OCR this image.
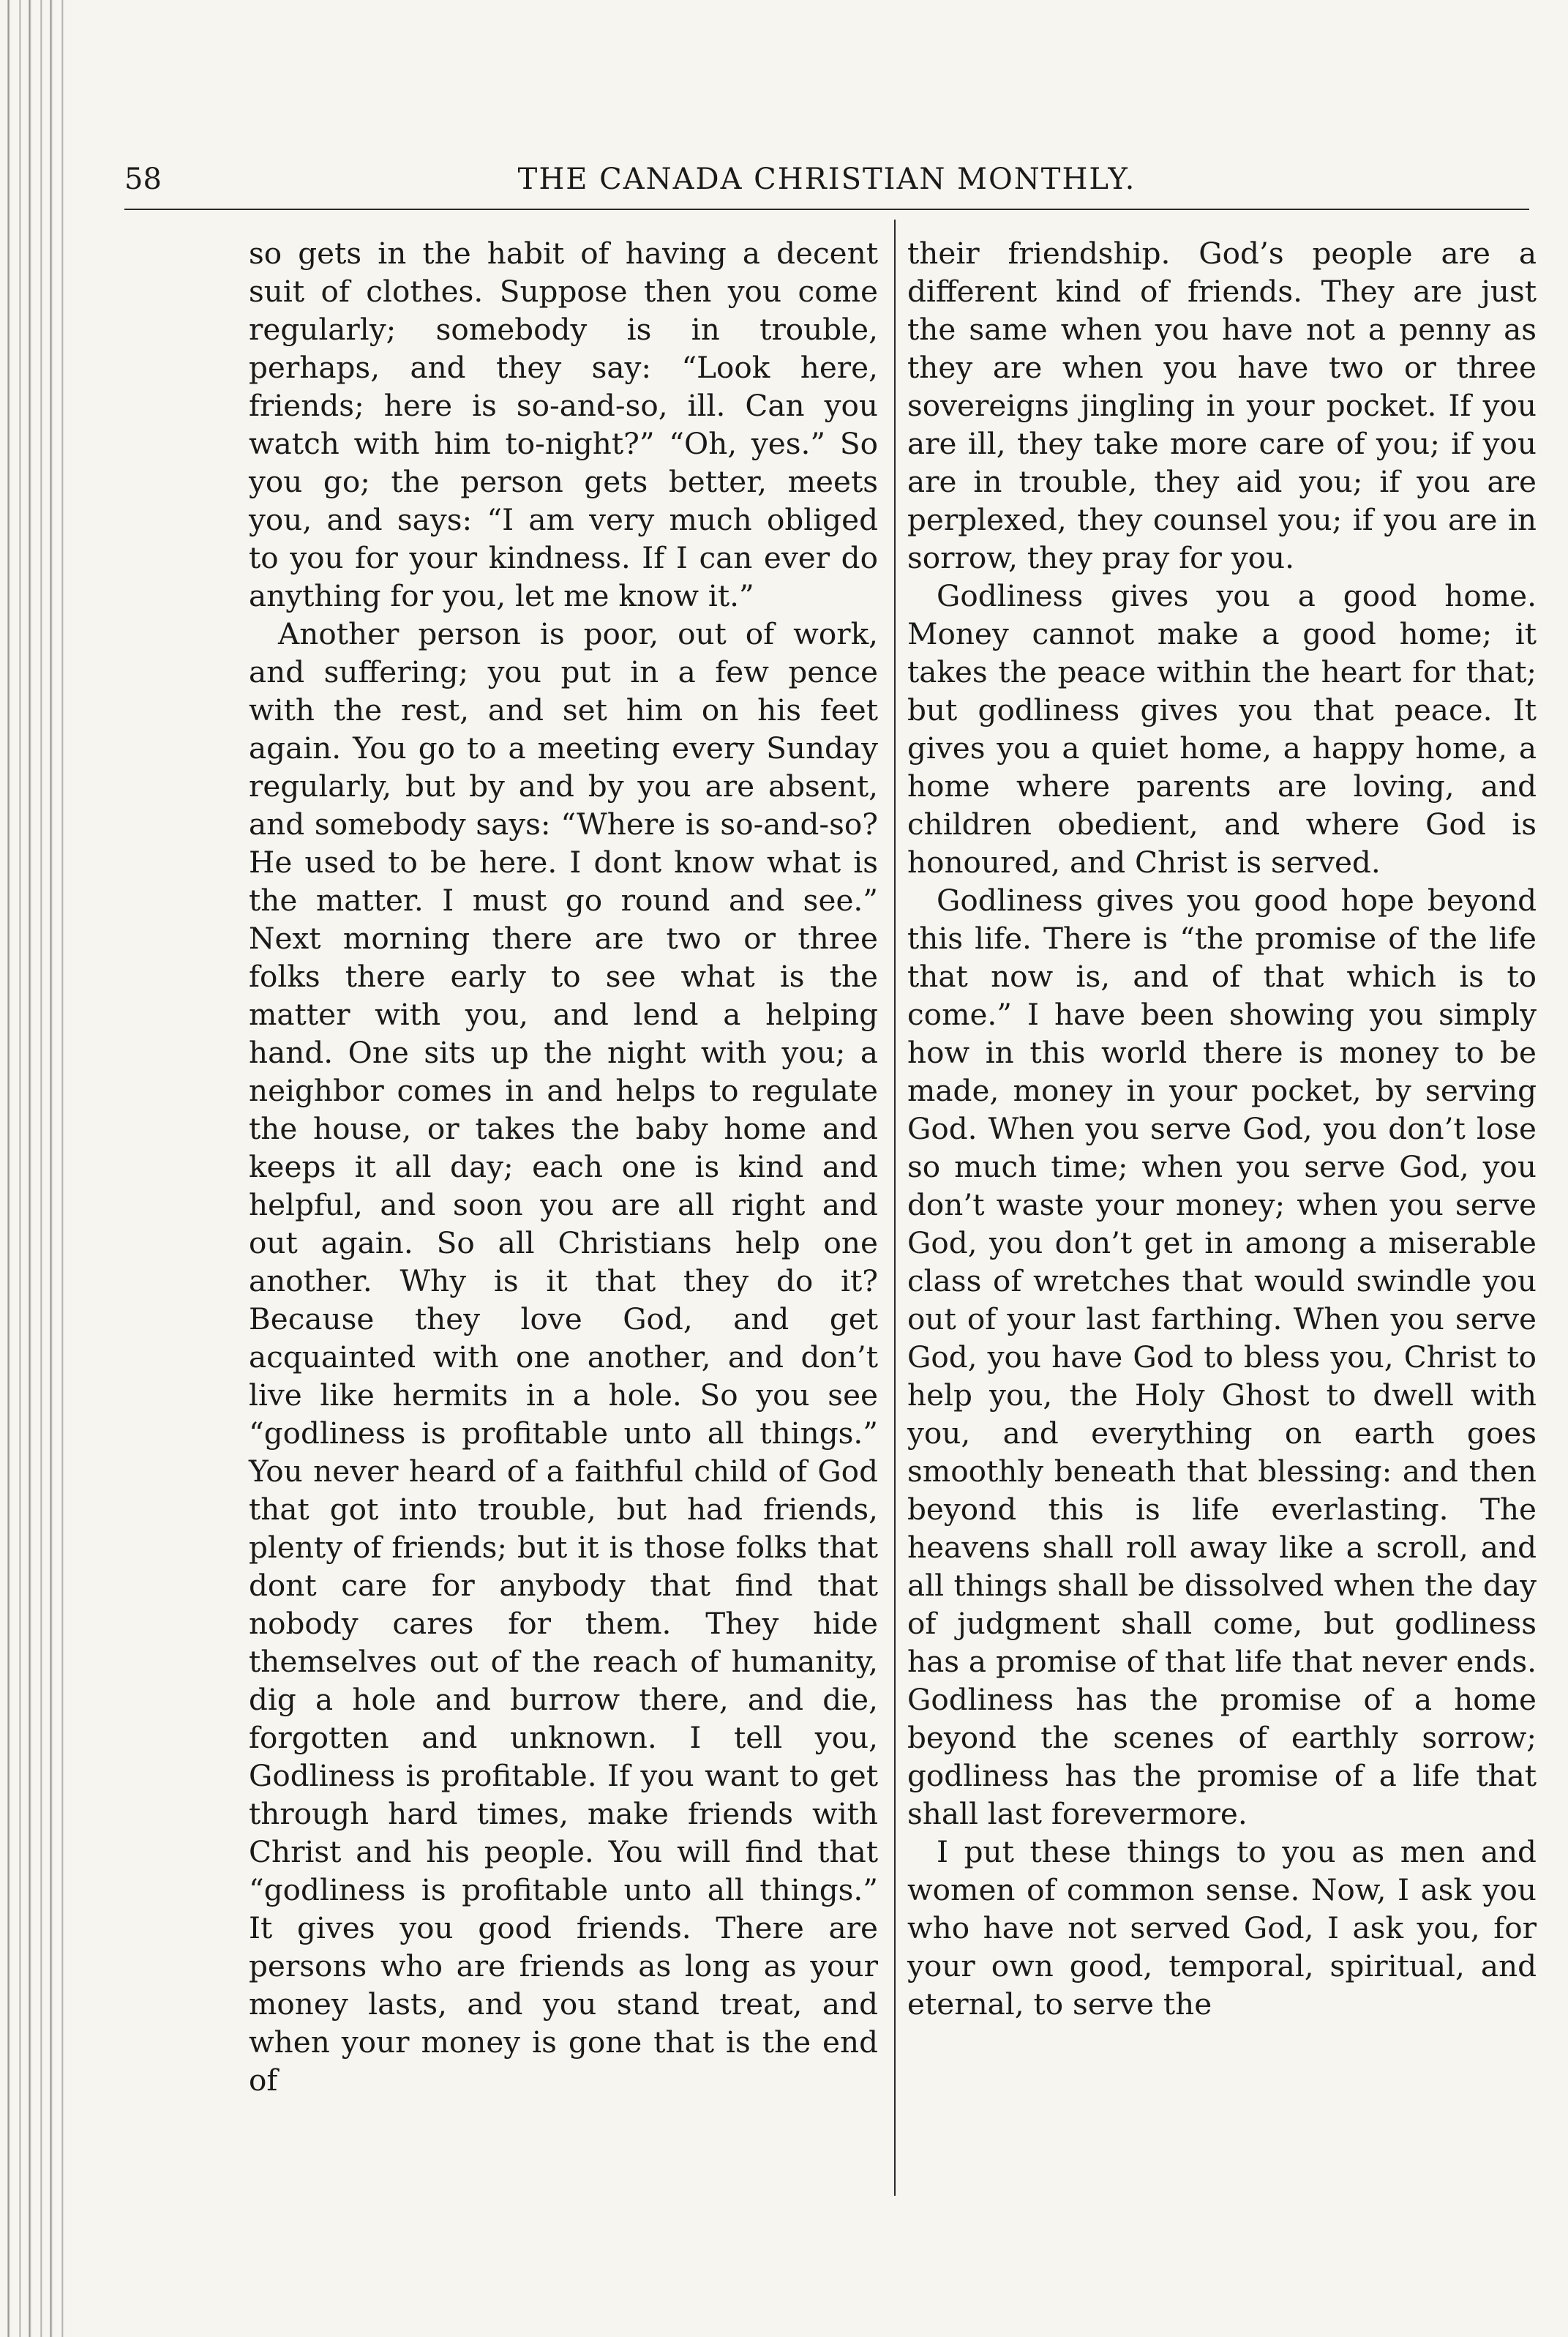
58	THE CANADA CHRISTIAN MONTHLY.

so gets in the habit of having a decent suit of clothes. Suppose then you come regularly; somebody is in trouble, perhaps, and they say: “Look here, friends; here is so-and-so, ill. Can you watch with him to-night?” “Oh, yes.” So you go; the person gets better, meets you, and says: “I am very much obliged to you for your kindness. If I can ever do anything for you, let me know it.”

Another person is poor, out of work, and suffering; you put in a few pence with the rest, and set him on his feet again. You go to a meeting every Sunday regularly, but by and by you are absent, and somebody says: “Where is so-and-so? He used to be here. I dont know what is the matter. I must go round and see.” Next morning there are two or three folks there early to see what is the matter with you, and lend a helping hand. One sits up the night with you; a neighbor comes in and helps to regulate the house, or takes the baby home and keeps it all day; each one is kind and helpful, and soon you are all right and out again. So all Christians help one another. Why is it that they do it? Because they love God, and get acquainted with one another, and don’t live like hermits in a hole. So you see “godliness is profitable unto all things.” You never heard of a faithful child of God that got into trouble, but had friends, plenty of friends; but it is those folks that dont care for anybody that find that nobody cares for them. They hide themselves out of the reach of humanity, dig a hole and burrow there, and die, forgotten and unknown. I tell you, Godliness is profitable. If you want to get through hard times, make friends with Christ and his people. You will find that “godliness is profitable unto all things.” It gives you good friends. There are persons who are friends as long as your money lasts, and you stand treat, and when your money is gone that is the end of

their friendship. God’s people are a different kind of friends. They are just the same when you have not a penny as they are when you have two or three sovereigns jingling in your pocket. If you are ill, they take more care of you; if you are in trouble, they aid you; if you are perplexed, they counsel you; if you are in sorrow, they pray for you.

Godliness gives you a good home. Money cannot make a good home; it takes the peace within the heart for that; but godliness gives you that peace. It gives you a quiet home, a happy home, a home where parents are loving, and children obedient, and where God is honoured, and Christ is served.

Godliness gives you good hope beyond this life. There is “the promise of the life that now is, and of that which is to come.” I have been showing you simply how in this world there is money to be made, money in your pocket, by serving God. When you serve God, you don’t lose so much time; when you serve God, you don’t waste your money; when you serve God, you don’t get in among a miserable class of wretches that would swindle you out of your last farthing. When you serve God, you have God to bless you, Christ to help you, the Holy Ghost to dwell with you, and everything on earth goes smoothly beneath that blessing: and then beyond this is life everlasting. The heavens shall roll away like a scroll, and all things shall be dissolved when the day of judgment shall come, but godliness has a promise of that life that never ends. Godliness has the promise of a home beyond the scenes of earthly sorrow; godliness has the promise of a life that shall last forevermore.

I put these things to you as men and women of common sense. Now, I ask you who have not served God, I ask you, for your own good, temporal, spiritual, and eternal, to serve the
